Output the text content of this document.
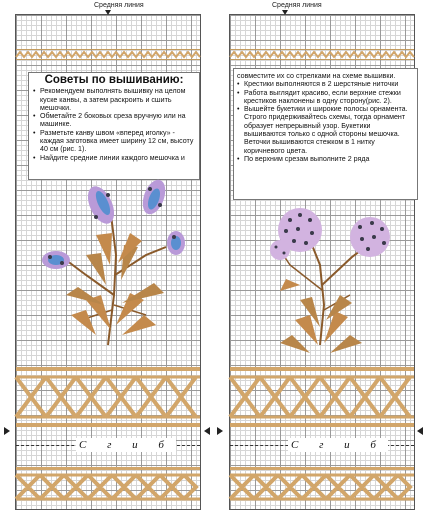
Средняя линия
Советы по вышиванию:
• Рекомендуем выполнять вышивку на целом куске канвы, а затем раскроить и сшить мешочки.
• Обметайте 2 боковых среза вручную или на машинке.
• Разметьте канву швом «вперед иголку» - каждая заготовка имеет ширину 12 см, высоту 40 см (рис. 1).
• Найдите средние линии каждого мешочка и
С г и б
Средняя линия
совместите их со стрелками на схеме вышивки.
• Крестики выполняются в 2 шерстяные ниточки
• Работа выглядит красиво, если верхние стежки крестиков наклонены в одну сторону(рис. 2).
• Вышейте букетики и широкие полосы орнамента. Строго придерживайтесь схемы, тогда орнамент образует непрерывный узор. Букетики вышиваются только с одной стороны мешочка. Веточки вышиваются стежком в 1 нитку коричневого цвета.
• По верхним срезам выполните 2 ряда
С г и б
